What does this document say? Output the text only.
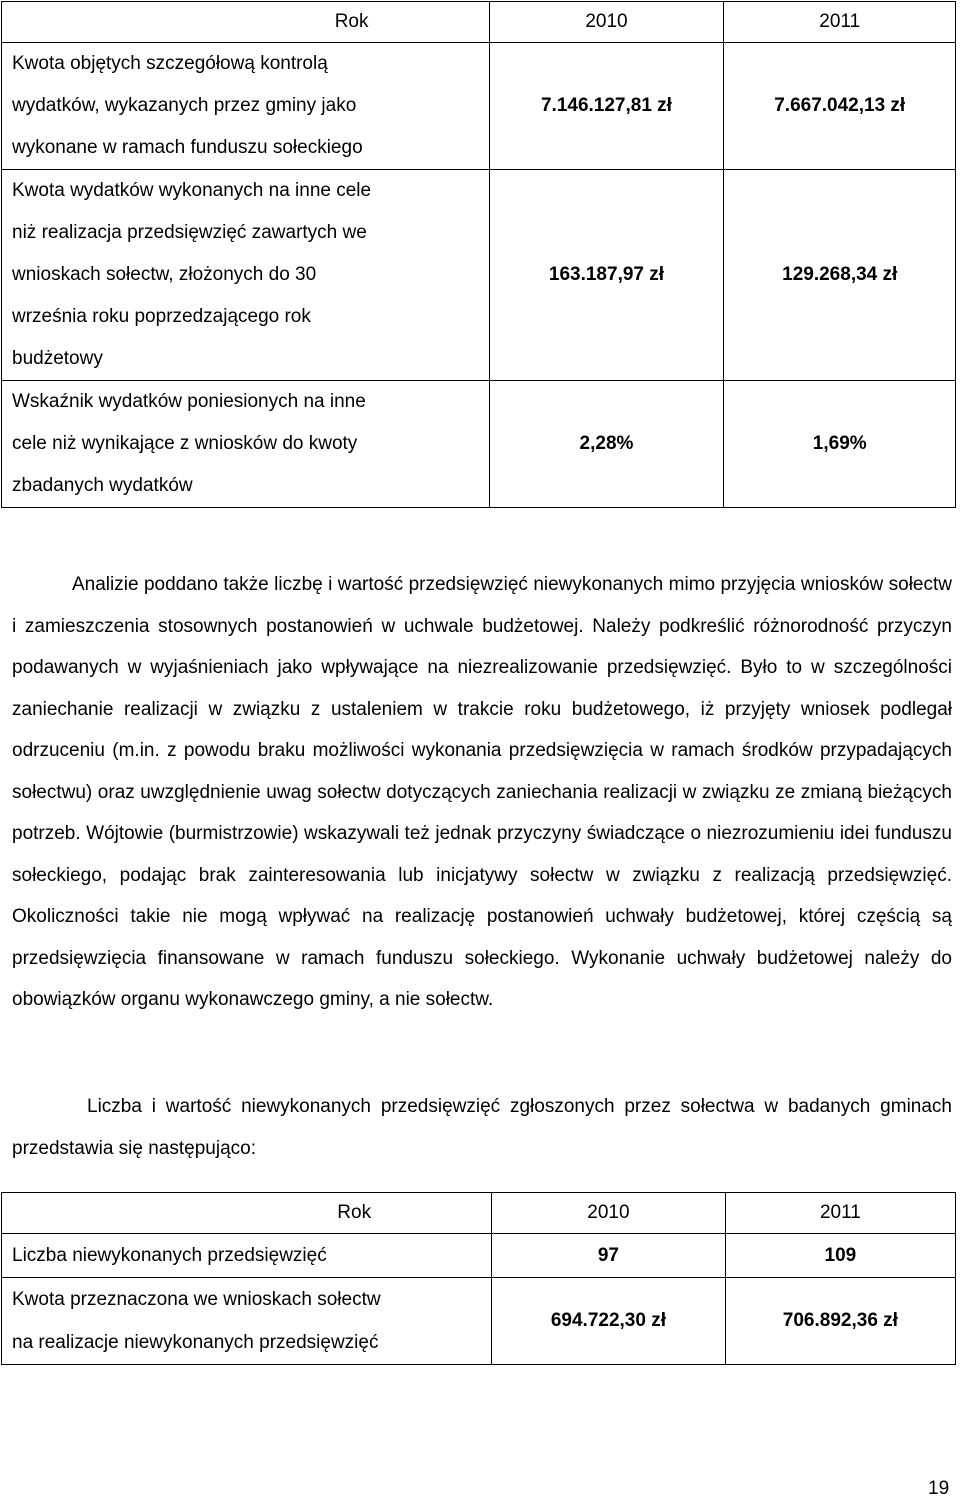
Rok	2010	2011

Kwota objętych szczegółową kontrolą
wydatków, wykazanych przez gminy jako
wykonane w ramach funduszu sołeckiego	7.146.127,81 zł	7.667.042,13 zł

Kwota wydatków wykonanych na inne cele
niż realizacja przedsięwzięć zawartych we
wnioskach sołectw, złożonych do 30
września roku poprzedzającego rok
budżetowy	163.187,97 zł	129.268,34 zł

Wskaźnik wydatków poniesionych na inne
cele niż wynikające z wniosków do kwoty
zbadanych wydatków	2,28%	1,69%

Analizie poddano także liczbę i wartość przedsięwzięć niewykonanych mimo przyjęcia wniosków sołectw i zamieszczenia stosownych postanowień w uchwale budżetowej. Należy podkreślić różnorodność przyczyn podawanych w wyjaśnieniach jako wpływające na niezrealizowanie przedsięwzięć. Było to w szczególności zaniechanie realizacji w związku z ustaleniem w trakcie roku budżetowego, iż przyjęty wniosek podlegał odrzuceniu (m.in. z powodu braku możliwości wykonania przedsięwzięcia w ramach środków przypadających sołectwu) oraz uwzględnienie uwag sołectw dotyczących zaniechania realizacji w związku ze zmianą bieżących potrzeb. Wójtowie (burmistrzowie) wskazywali też jednak przyczyny świadczące o niezrozumieniu idei funduszu sołeckiego, podając brak zainteresowania lub inicjatywy sołectw w związku z realizacją przedsięwzięć. Okoliczności takie nie mogą wpływać na realizację postanowień uchwały budżetowej, której częścią są przedsięwzięcia finansowane w ramach funduszu sołeckiego. Wykonanie uchwały budżetowej należy do obowiązków organu wykonawczego gminy, a nie sołectw.

Liczba i wartość niewykonanych przedsięwzięć zgłoszonych przez sołectwa w badanych gminach przedstawia się następująco:

Rok	2010	2011

Liczba niewykonanych przedsięwzięć	97	109

Kwota przeznaczona we wnioskach sołectw
na realizacje niewykonanych przedsięwzięć	694.722,30 zł	706.892,36 zł
19
